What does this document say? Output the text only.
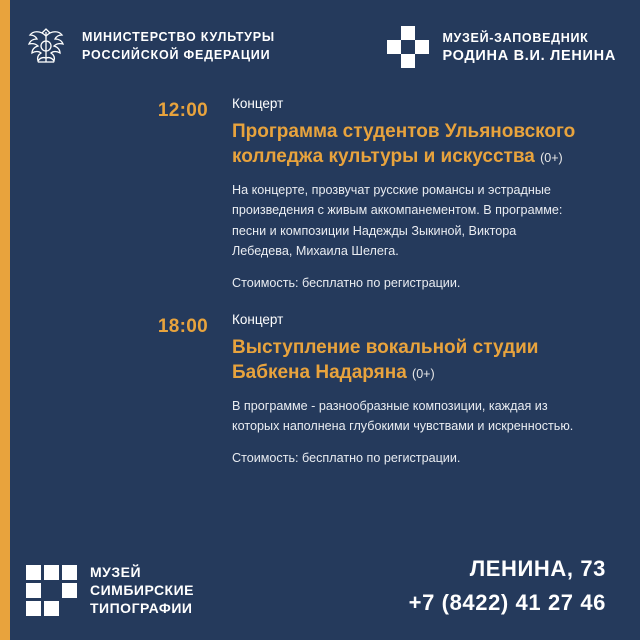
МИНИСТЕРСТВО КУЛЬТУРЫ
РОССИЙСКОЙ ФЕДЕРАЦИИ
МУЗЕЙ-ЗАПОВЕДНИК
РОДИНА В.И. ЛЕНИНА
12:00	Концерт
Программа студентов Ульяновского колледжа культуры и искусства (0+)
На концерте, прозвучат русские романсы и эстрадные произведения с живым аккомпанементом. В программе: песни и композиции Надежды Зыкиной, Виктора Лебедева, Михаила Шелега.
Стоимость: бесплатно по регистрации.
18:00	Концерт
Выступление вокальной студии Бабкена Надаряна (0+)
В программе - разнообразные композиции, каждая из которых наполнена глубокими чувствами и искренностью.
Стоимость: бесплатно по регистрации.
МУЗЕЙ
СИМБИРСКИЕ
ТИПОГРАФИИ
ЛЕНИНА, 73
+7 (8422) 41 27 46
